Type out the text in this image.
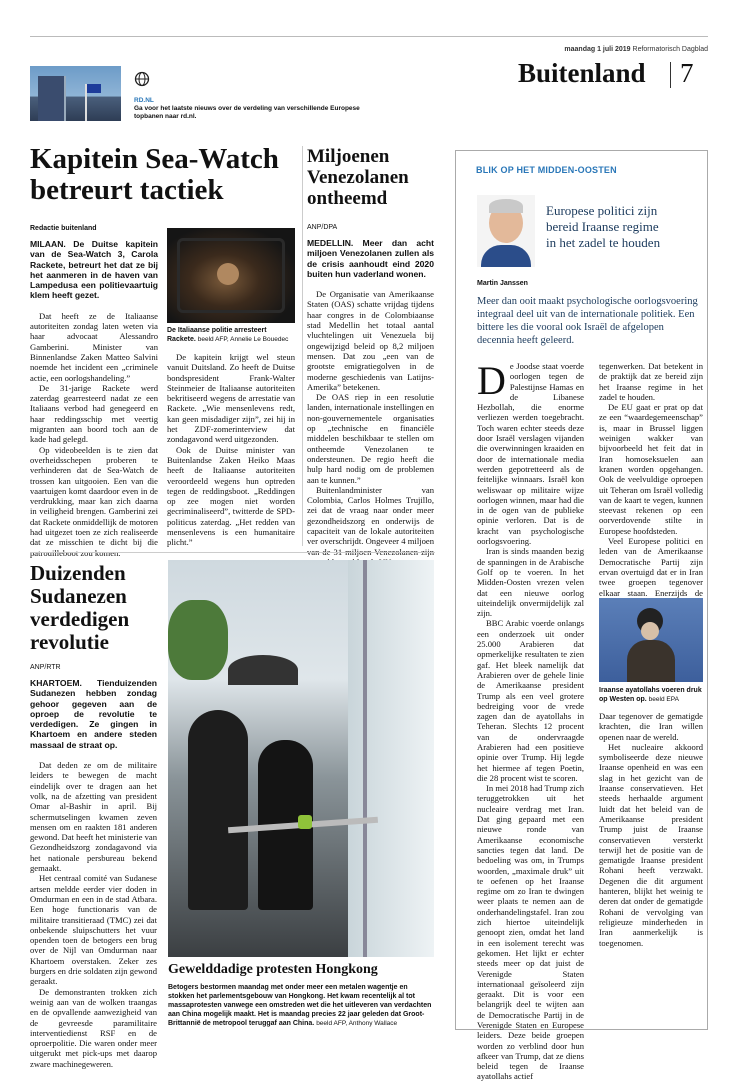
maandag 1 juli 2019 Reformatorisch Dagblad
Buitenland 7
RD.NL
Ga voor het laatste nieuws over de verdeling van verschillende Europese topbanen naar rd.nl.
Kapitein Sea-Watch
betreurt tactiek
Redactie buitenland
MILAAN. De Duitse kapitein van de Sea-Watch 3, Carola Rackete, betreurt het dat ze bij het aanmeren in de haven van Lampedusa een politievaartuig klem heeft gezet.

Dat heeft ze de Italiaanse autoriteiten zondag laten weten via haar advocaat Alessandro Gamberini. Minister van Binnenlandse Zaken Matteo Salvini noemde het incident een „criminele actie, een oorlogshandeling.”

De 31-jarige Rackete werd zaterdag gearresteerd nadat ze een Italiaans verbod had genegeerd en haar reddingsschip met veertig migranten aan boord toch aan de kade had gelegd.

Op videobeelden is te zien dat overheidsschepen proberen te verhinderen dat de Sea-Watch de trossen kan uitgooien. Een van die vaartuigen komt daardoor even in de verdrukking, maar kan zich daarna in veiligheid brengen. Gamberini zei dat Rackete onmiddellijk de motoren had uitgezet toen ze zich realiseerde dat ze misschien te dicht bij die

De Italiaanse politie arresteert Rackete. beeld AFP, Annelie Le Bouedec

De kapitein krijgt wel steun vanuit Duitsland. Zo heeft de Duitse bondspresident Frank-Walter Steinmeier de Italiaanse autoriteiten bekritiseerd wegens de arrestatie van Rackete. „Wie mensenlevens redt, kan geen misdadiger zijn”, zei hij in het ZDF-zomerinterview dat zondagavond werd uitgezonden.

Ook de Duitse minister van Buitenlandse Zaken Heiko Maas heeft de Italiaanse autoriteiten veroordeeld wegens hun optreden tegen de reddingsboot. „Reddingen op zee mogen niet worden gecriminaliseerd”, twitterde de SPD-politicus zaterdag. „Het redden van mensenlevens is een humanitaire plicht.”

Miljoenen
Venezolanen
ontheemd
ANP/DPA
MEDELLIN. Meer dan acht miljoen Venezolanen zullen als de crisis aanhoudt eind 2020 buiten hun vaderland wonen.

De Organisatie van Amerikaanse Staten (OAS) schatte vrijdag tijdens haar congres in de Colombiaanse stad Medellin het totaal aantal vluchtelingen uit Venezuela bij ongewijzigd beleid op 8,2 miljoen mensen. Dat zou „een van de grootste emigratiegolven in de moderne geschiedenis van Latijns-Amerika” betekenen.

De OAS riep in een resolutie landen, internationale instellingen en non-gouvernementele organisaties op „technische en financiële middelen beschikbaar te stellen om ontheemde Venezolanen te ondersteunen. De regio heeft die hulp hard nodig om de problemen aan te kunnen.”

Buitenlandminister van Colombia, Carlos Holmes Trujillo, zei dat de vraag naar onder meer gezondheidszorg en onderwijs de capaciteit van de lokale autoriteiten ver overschrijdt. Ongeveer 4 miljoen

Duizenden
Sudanezen
verdedigen
revolutie
ANP/RTR
KHARTOEM. Tienduizenden Sudanezen hebben zondag gehoor gegeven aan de oproep de revolutie te verdedigen. Ze gingen in Khartoem en andere steden massaal de straat op.

Dat deden ze om de militaire leiders te bewegen de macht eindelijk over te dragen aan het volk, na de afzetting van president Omar al-Bashir in april. Bij schermutselingen kwamen zeven mensen om en raakten 181 anderen gewond. Dat heeft het ministerie van Gezondheidszorg zondagavond via het nationale persbureau bekend gemaakt.

Het centraal comité van Sudanese artsen meldde eerder vier doden in Omdurman en een in de stad Atbara. Een hoge functionaris van de militaire transitieraad (TMC) zei dat onbekende sluipschutters het vuur openden toen de betogers een brug over de Nijl van Omdurman naar Khartoem overstaken. Zeker zes burgers en drie soldaten zijn gewond geraakt.

De demonstranten trokken zich weinig aan van de wolken traangas en de opvallende aanwezigheid van de gevreesde paramilitaire interventiedienst RSF en de oproerpolitie. Die waren onder meer uitgerukt met pick-ups met daarop zware machinegeweren.

Gewelddadige protesten Hongkong
Betogers bestormen maandag met onder meer een metalen wagentje en stokken het parlementsgebouw van Hongkong. Het kwam recentelijk al tot massaprotesten vanwege een omstreden wet die het uitleveren van verdachten aan China mogelijk maakt. Het is maandag precies 22 jaar geleden dat Groot-Brittannië de metropool teruggaf aan China. beeld AFP, Anthony Wallace
BLIK OP HET MIDDEN-OOSTEN
Europese politici zijn
bereid Iraanse regime
in het zadel te houden
Martin Janssen
Meer dan ooit maakt psychologische oorlogsvoering integraal deel uit van de internationale politiek. Een bittere les die vooral ook Israël de afgelopen decennia heeft geleerd.
De Joodse staat voerde oorlogen tegen de Palestijnse Hamas en de Libanese Hezbollah, die enorme verliezen werden toegebracht. Toch waren echter steeds deze door Israël verslagen vijanden die overwinningen kraaiden en door de internationale media werden gepotretteerd als de feitelijke winnaars. Israël kon weliswaar op militaire wijze oorlogen winnen, maar had die in de ogen van de publieke opinie verloren. Dat is de kracht van psychologische oorlogsvoering.

Iran is sinds maanden bezig de spanningen in de Arabische Golf op te voeren. In het Midden-Oosten vrezen velen dat een nieuwe oorlog uiteindelijk onvermijdelijk zal zijn.

BBC Arabic voerde onlangs een onderzoek uit onder 25.000 Arabieren dat opmerkelijke resultaten te zien gaf. Het bleek namelijk dat Arabieren over de gehele linie de Amerikaanse president Trump als een veel grotere bedreiging voor de vrede zagen dan de ayatollahs in Teheran. Slechts 12 procent van de ondervraagde Arabieren had een positieve opinie over Trump. Hij legde het hiermee af tegen Poetin, die 28 procent wist te scoren.

In mei 2018 had Trump zich teruggetrokken uit het nucleaire verdrag met Iran. Dat ging gepaard met een nieuwe ronde van Amerikaanse economische sancties tegen dat land. De bedoeling was om, in Trumps woorden, „maximale druk” uit te oefenen op het Iraanse regime om zo Iran te dwingen weer plaats te nemen aan de onderhandelingstafel. Iran zou zich hiertoe uiteindelijk genoopt zien, omdat het land in een isolement terecht was gekomen. Het lijkt er echter steeds meer op dat juist de Verenigde Staten internationaal geïsoleerd zijn geraakt. Dit is voor een belangrijk deel te wijten aan de Democratische Partij in de Verenigde Staten en Europese leiders. Deze beide groepen worden zo verblind door hun afkeer van Trump, dat ze diens beleid tegen de Iraanse ayatollahs actief

tegenwerken. Dat betekent in de praktijk dat ze bereid zijn het Iraanse regime in het zadel te houden.

De EU gaat er prat op dat ze een “waardegemeenschap” is, maar in Brussel liggen weinigen wakker van bijvoorbeeld het feit dat in Iran homoseksuelen aan kranen worden opgehangen. Ook de veelvuldige oproepen uit Teheran om Israël volledig van de kaart te vegen, kunnen steevast rekenen op een oorverdovende stilte in Europese hoofdsteden.

Veel Europese politici en leden van de Amerikaanse Democratische Partij zijn ervan overtuigd dat er in Iran twee groepen tegenover elkaar staan. Enerzijds de

Iraanse ayatollahs voeren druk op Westen op. beeld EPA

Daar tegenover de gematigde krachten, die Iran willen openen naar de wereld.

Het nucleaire akkoord symboliseerde deze nieuwe Iraanse openheid en was een slag in het gezicht van de Iraanse conservatieven. Het steeds herhaalde argument luidt dat het beleid van de Amerikaanse president Trump juist de Iraanse conservatieven versterkt terwijl het de positie van de gematigde Iraanse president Rohani heeft verzwakt. Degenen die dit argument hanteren, blijkt het weinig te deren dat onder de gematigde Rohani de vervolging van religieuze minderheden in Iran aanmerkelijk is toegenomen.
